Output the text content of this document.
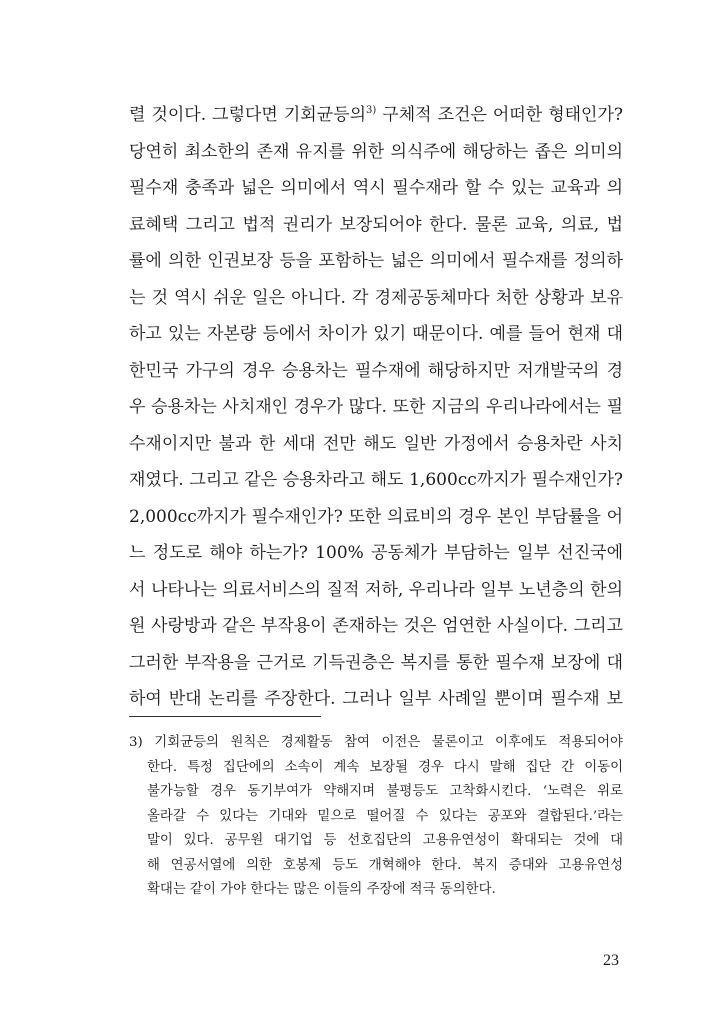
렬 것이다. 그렇다면 기회균등의$^{3)}$ 구체적 조건은 어떠한 형태인가?
당연히 최소한의 존재 유지를 위한 의식주에 해당하는 좁은 의미의
필수재 충족과 넓은 의미에서 역시 필수재라 할 수 있는 교육과 의
료혜택 그리고 법적 권리가 보장되어야 한다. 물론 교육, 의료, 법
률에 의한 인권보장 등을 포함하는 넓은 의미에서 필수재를 정의하
는 것 역시 쉬운 일은 아니다. 각 경제공동체마다 처한 상황과 보유
하고 있는 자본량 등에서 차이가 있기 때문이다. 예를 들어 현재 대
한민국 가구의 경우 승용차는 필수재에 해당하지만 저개발국의 경
우 승용차는 사치재인 경우가 많다. 또한 지금의 우리나라에서는 필
수재이지만 불과 한 세대 전만 해도 일반 가정에서 승용차란 사치
재였다. 그리고 같은 승용차라고 해도 1,600cc까지가 필수재인가?
2,000cc까지가 필수재인가? 또한 의료비의 경우 본인 부담률을 어
느 정도로 해야 하는가? 100% 공동체가 부담하는 일부 선진국에
서 나타나는 의료서비스의 질적 저하, 우리나라 일부 노년층의 한의
원 사랑방과 같은 부작용이 존재하는 것은 엄연한 사실이다. 그리고
그러한 부작용을 근거로 기득권층은 복지를 통한 필수재 보장에 대
하여 반대 논리를 주장한다. 그러나 일부 사례일 뿐이며 필수재 보
3) 기회균등의 원칙은 경제활동 참여 이전은 물론이고 이후에도 적용되어야
한다. 특정 집단에의 소속이 계속 보장될 경우 다시 말해 집단 간 이동이
불가능할 경우 동기부여가 약해지며 불평등도 고착화시킨다. ‘노력은 위로
올라갈 수 있다는 기대와 밑으로 떨어질 수 있다는 공포와 결합된다.’라는
말이 있다. 공무원 대기업 등 선호집단의 고용유연성이 확대되는 것에 대
해 연공서열에 의한 호봉제 등도 개혁해야 한다. 복지 증대와 고용유연성
확대는 같이 가야 한다는 많은 이들의 주장에 적극 동의한다.
23
